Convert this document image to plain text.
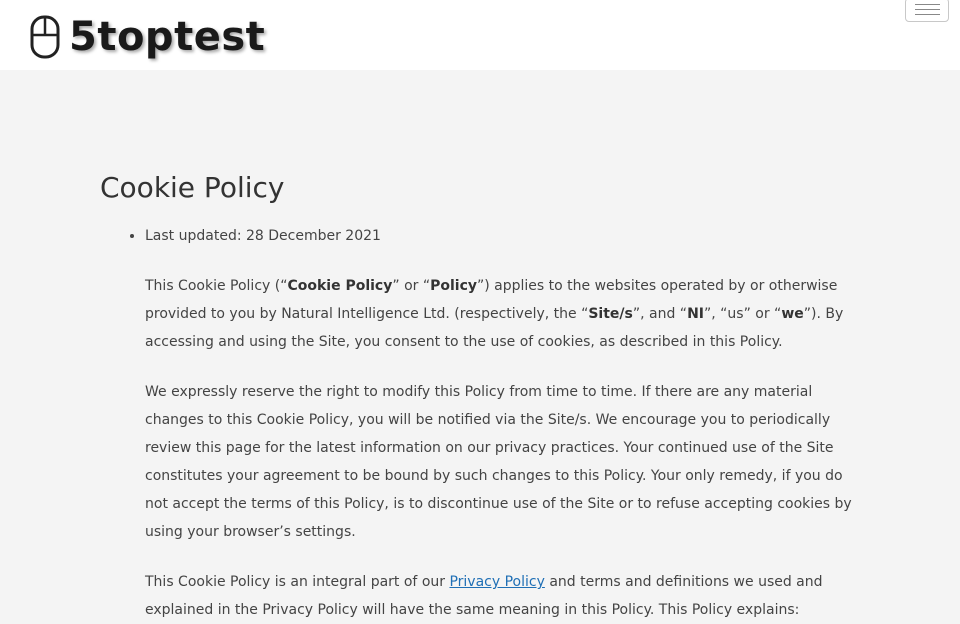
5toptest
Cookie Policy
• Last updated: 28 December 2021

This Cookie Policy (“Cookie Policy” or “Policy”) applies to the websites operated by or otherwise provided to you by Natural Intelligence Ltd. (respectively, the “Site/s”, and “NI”, “us” or “we”). By accessing and using the Site, you consent to the use of cookies, as described in this Policy.

We expressly reserve the right to modify this Policy from time to time. If there are any material changes to this Cookie Policy, you will be notified via the Site/s. We encourage you to periodically review this page for the latest information on our privacy practices. Your continued use of the Site constitutes your agreement to be bound by such changes to this Policy. Your only remedy, if you do not accept the terms of this Policy, is to discontinue use of the Site or to refuse accepting cookies by using your browser’s settings.

This Cookie Policy is an integral part of our Privacy Policy and terms and definitions we used and explained in the Privacy Policy will have the same meaning in this Policy. This Policy explains:
